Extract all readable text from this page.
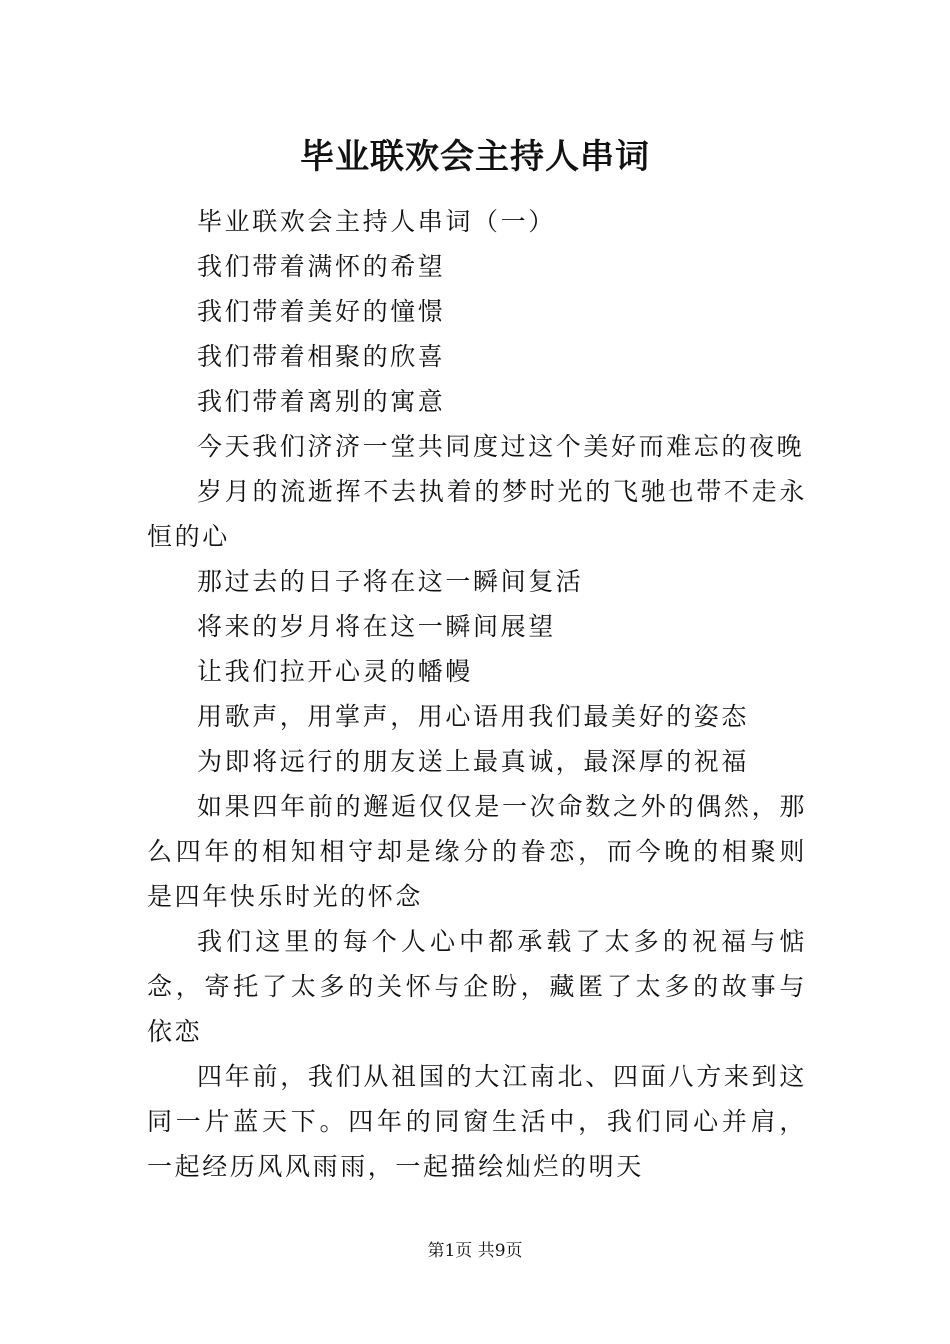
毕业联欢会主持人串词

毕业联欢会主持人串词（一）

我们带着满怀的希望

我们带着美好的憧憬

我们带着相聚的欣喜

我们带着离别的寓意

今天我们济济一堂共同度过这个美好而难忘的夜晚

岁月的流逝挥不去执着的梦时光的飞驰也带不走永恒的心

那过去的日子将在这一瞬间复活

将来的岁月将在这一瞬间展望

让我们拉开心灵的幡幔

用歌声，用掌声，用心语用我们最美好的姿态

为即将远行的朋友送上最真诚，最深厚的祝福

如果四年前的邂逅仅仅是一次命数之外的偶然，那么四年的相知相守却是缘分的眷恋，而今晚的相聚则是四年快乐时光的怀念

我们这里的每个人心中都承载了太多的祝福与惦念，寄托了太多的关怀与企盼，藏匿了太多的故事与依恋

四年前，我们从祖国的大江南北、四面八方来到这同一片蓝天下。四年的同窗生活中，我们同心并肩，一起经历风风雨雨，一起描绘灿烂的明天

第1页 共9页
